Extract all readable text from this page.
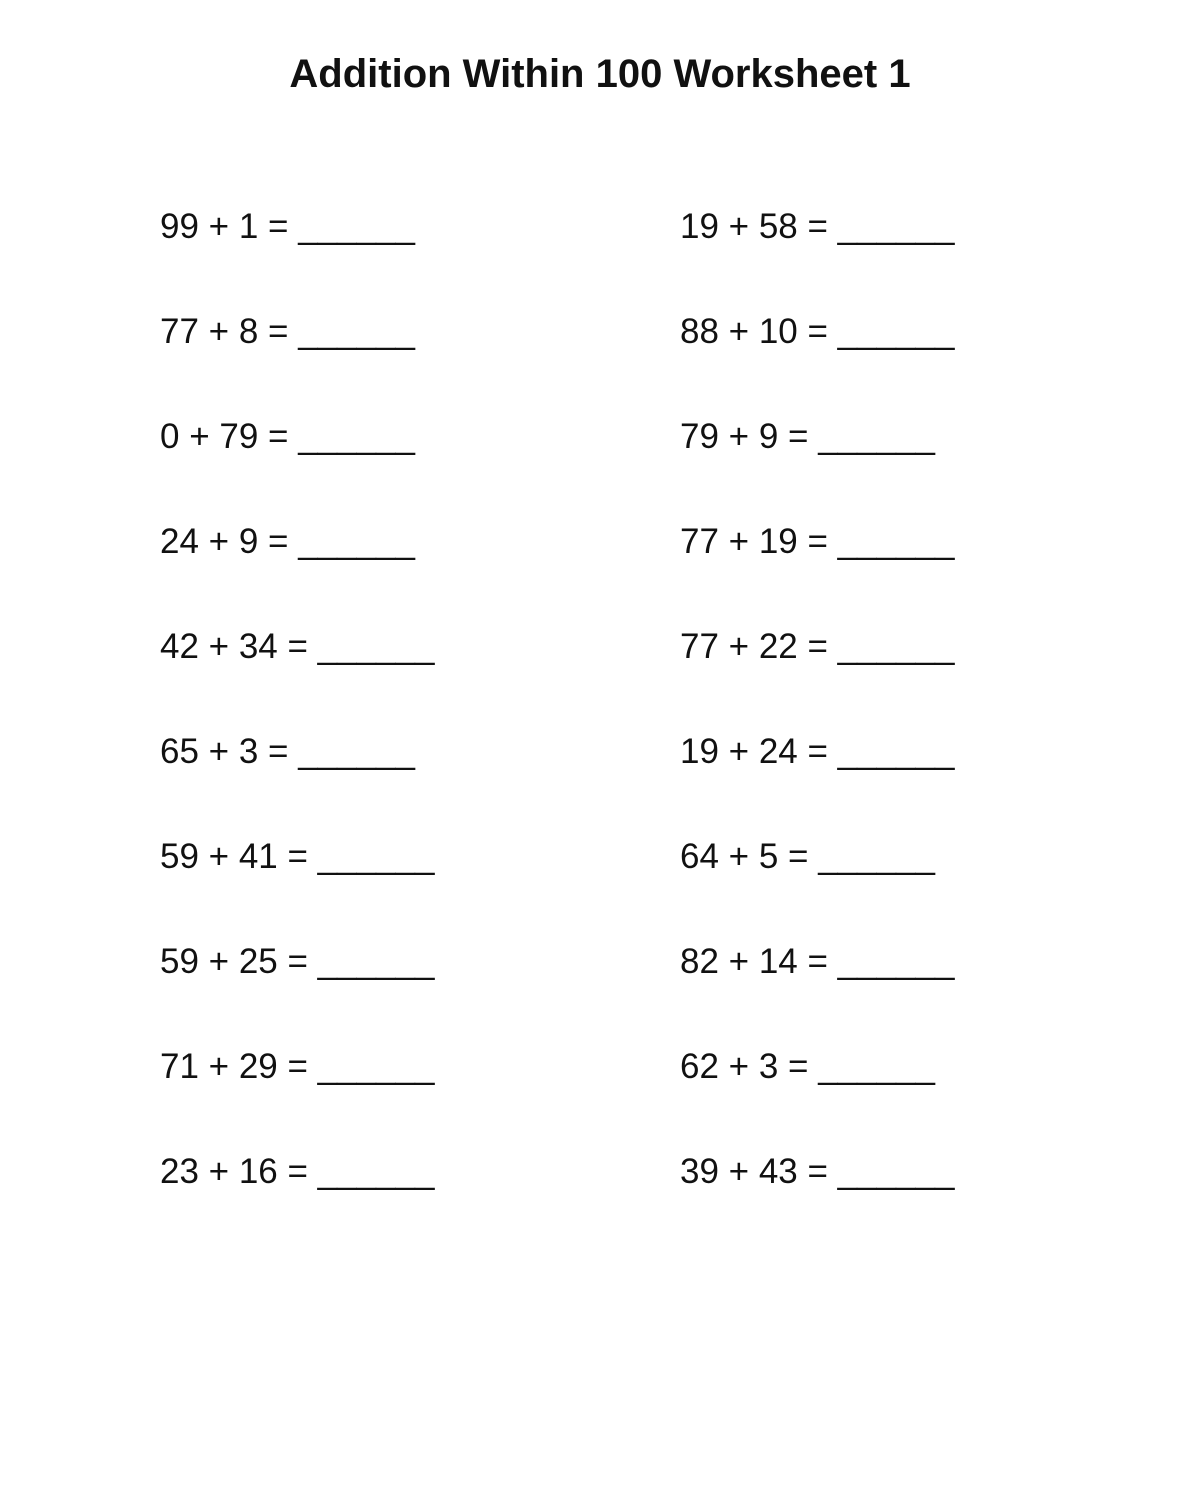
Addition Within 100 Worksheet 1
99 + 1 = ______
77 + 8 = ______
0 + 79 = ______
24 + 9 = ______
42 + 34 = ______
65 + 3 = ______
59 + 41 = ______
59 + 25 = ______
71 + 29 = ______
23 + 16 = ______
19 + 58 = ______
88 + 10 = ______
79 + 9 = ______
77 + 19 = ______
77 + 22 = ______
19 + 24 = ______
64 + 5 = ______
82 + 14 = ______
62 + 3 = ______
39 + 43 = ______
